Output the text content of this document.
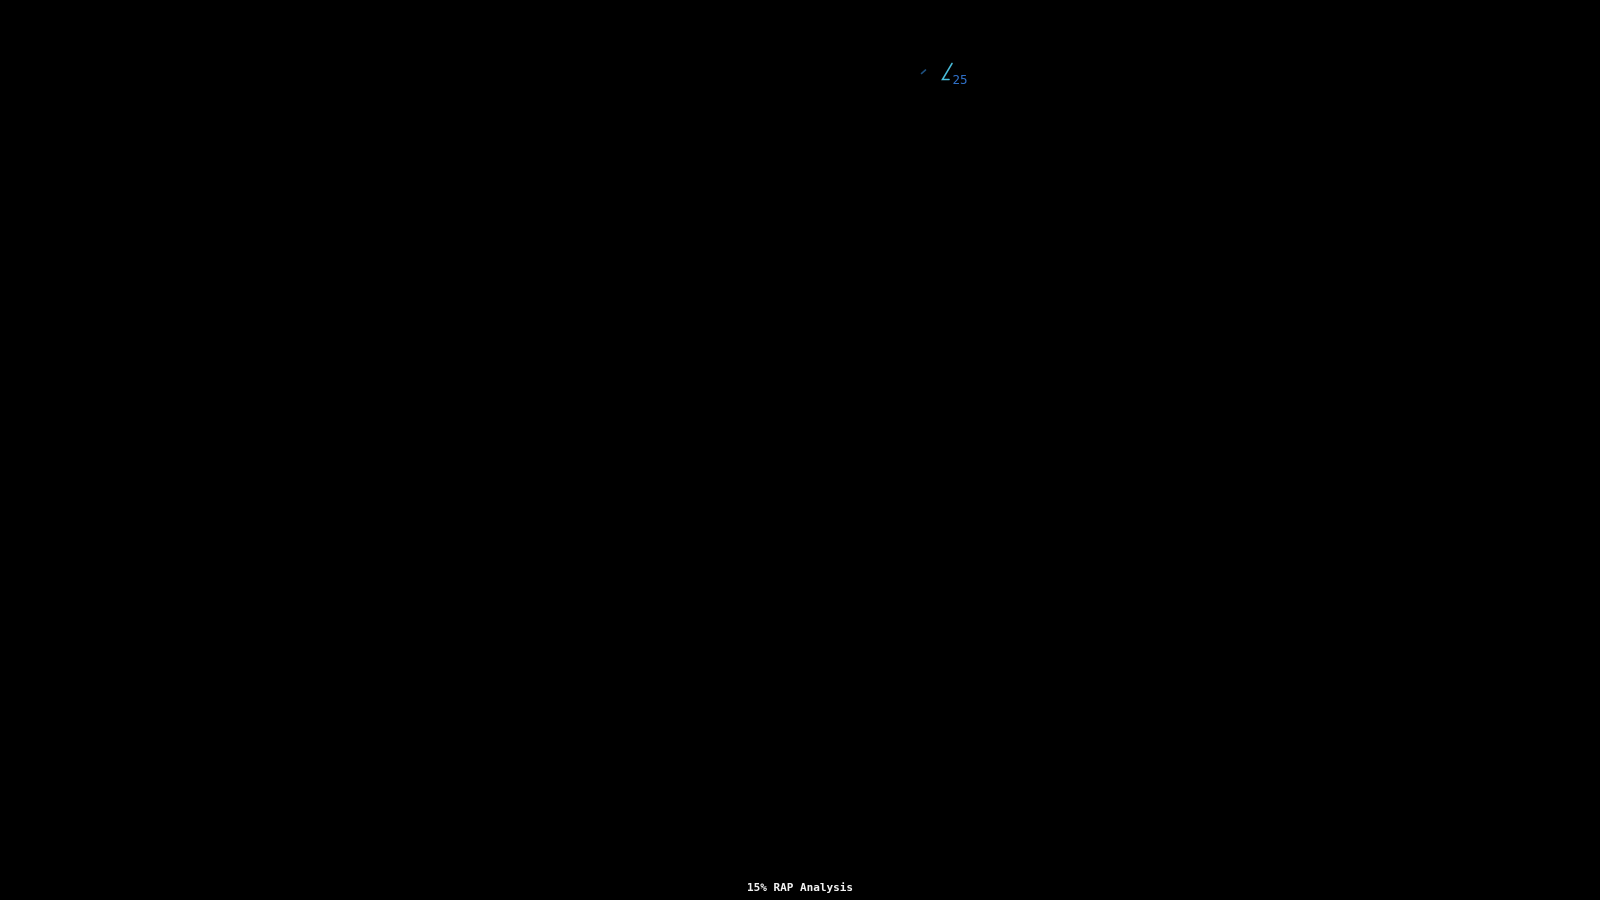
25
15% RAP Analysis
